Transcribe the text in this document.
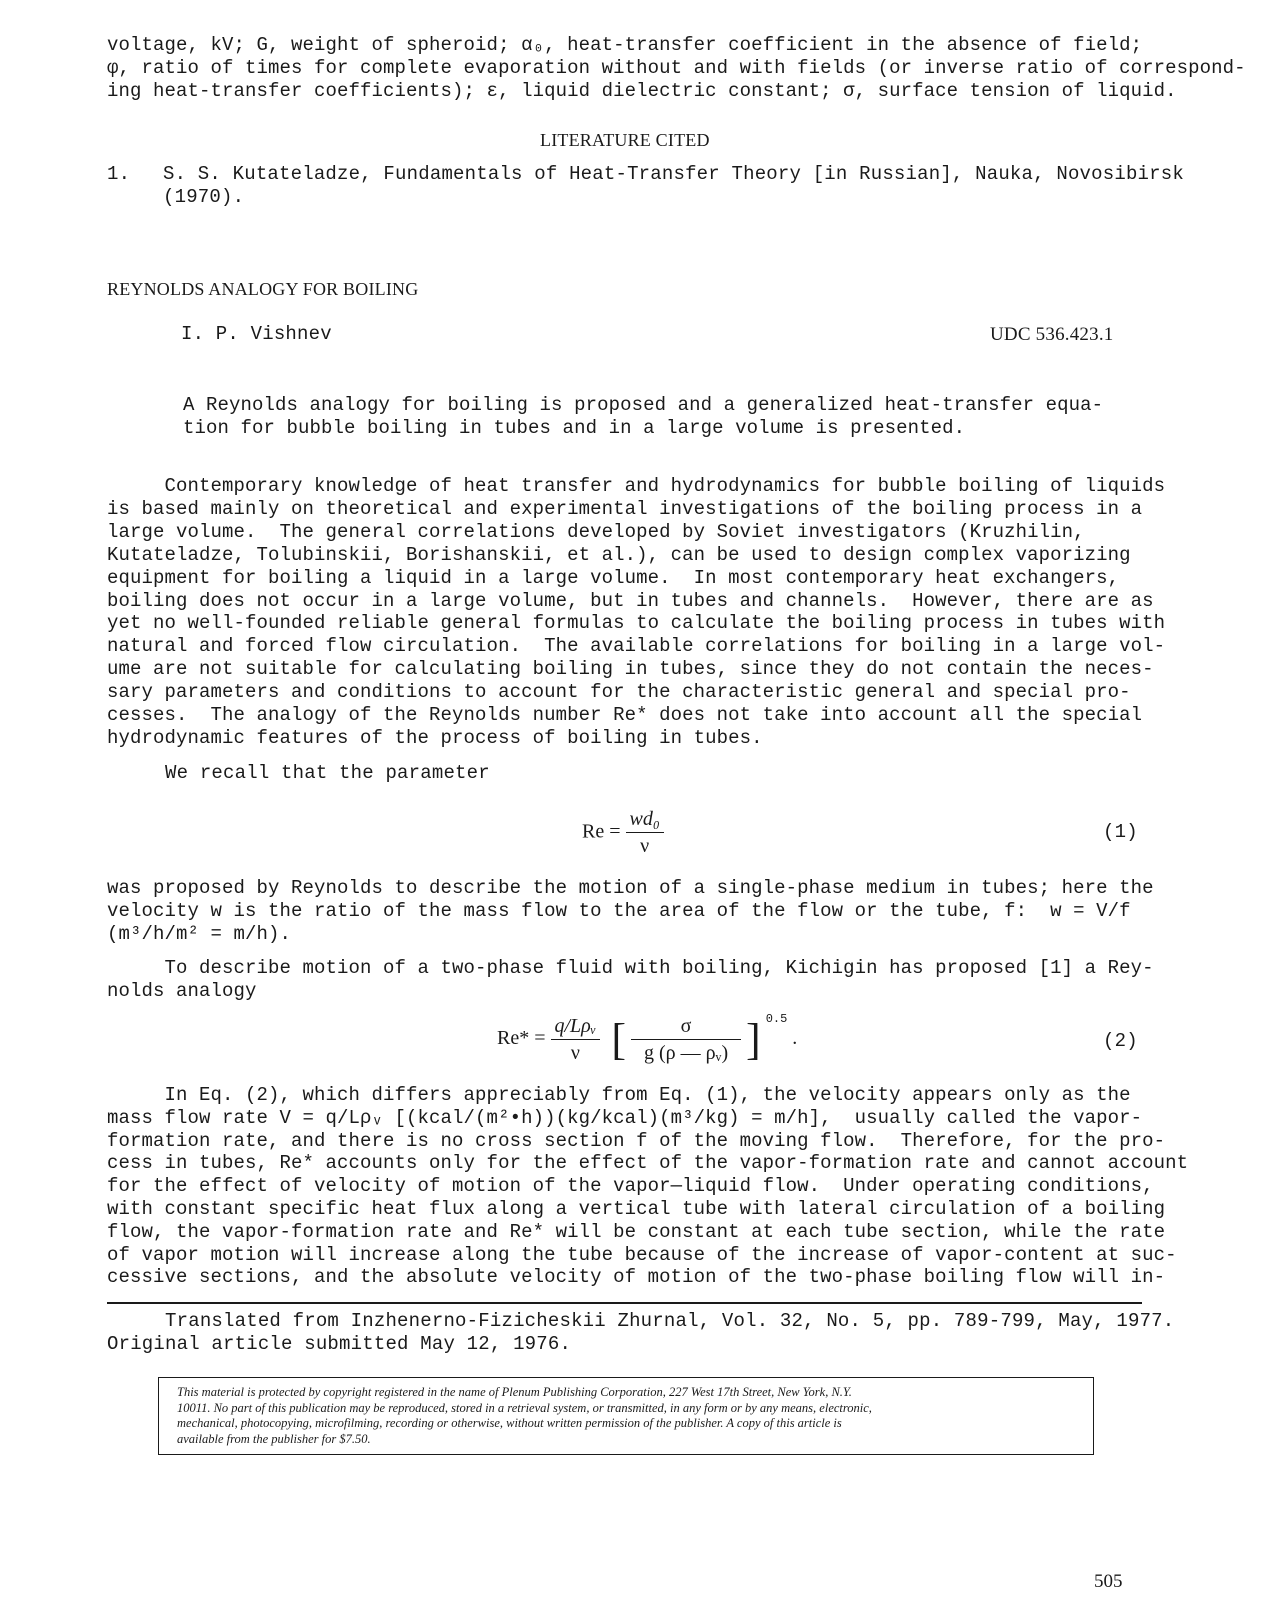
voltage, kV; G, weight of spheroid; α₀, heat-transfer coefficient in the absence of field;
φ, ratio of times for complete evaporation without and with fields (or inverse ratio of correspond-
ing heat-transfer coefficients); ε, liquid dielectric constant; σ, surface tension of liquid.
LITERATURE CITED
1. S. S. Kutateladze, Fundamentals of Heat-Transfer Theory [in Russian], Nauka, Novosibirsk
(1970).
REYNOLDS ANALOGY FOR BOILING
I. P. Vishnev	UDC 536.423.1
A Reynolds analogy for boiling is proposed and a generalized heat-transfer equa-
tion for bubble boiling in tubes and in a large volume is presented.
Contemporary knowledge of heat transfer and hydrodynamics for bubble boiling of liquids
is based mainly on theoretical and experimental investigations of the boiling process in a
large volume.  The general correlations developed by Soviet investigators (Kruzhilin,
Kutateladze, Tolubinskii, Borishanskii, et al.), can be used to design complex vaporizing
equipment for boiling a liquid in a large volume.  In most contemporary heat exchangers,
boiling does not occur in a large volume, but in tubes and channels.  However, there are as
yet no well-founded reliable general formulas to calculate the boiling process in tubes with
natural and forced flow circulation.  The available correlations for boiling in a large vol-
ume are not suitable for calculating boiling in tubes, since they do not contain the neces-
sary parameters and conditions to account for the characteristic general and special pro-
cesses.  The analogy of the Reynolds number Re* does not take into account all the special
hydrodynamic features of the process of boiling in tubes.
We recall that the parameter
$Re = \frac{\text{wd₀}}{\nu}$	(1)
was proposed by Reynolds to describe the motion of a single-phase medium in tubes; here the
velocity w is the ratio of the mass flow to the area of the flow or the tube, f:  w = V/f
(m³/h/m² = m/h).
To describe motion of a two-phase fluid with boiling, Kichigin has proposed [1] a Rey-
nolds analogy
$Re* = \frac{\text{q/Lρᵥ}}{\nu}$ [ $\frac{\sigma}{\text{g (ρ — ρᵥ)}}$ ] $^{0.5}$ .	(2)
In Eq. (2), which differs appreciably from Eq. (1), the velocity appears only as the
mass flow rate V = q/Lρᵥ [(kcal/(m²•h))(kg/kcal)(m³/kg) = m/h],  usually called the vapor-
formation rate, and there is no cross section f of the moving flow.  Therefore, for the pro-
cess in tubes, Re* accounts only for the effect of the vapor-formation rate and cannot account
for the effect of velocity of motion of the vapor—liquid flow.  Under operating conditions,
with constant specific heat flux along a vertical tube with lateral circulation of a boiling
flow, the vapor-formation rate and Re* will be constant at each tube section, while the rate
of vapor motion will increase along the tube because of the increase of vapor-content at suc-
cessive sections, and the absolute velocity of motion of the two-phase boiling flow will in-
Translated from Inzhenerno-Fizicheskii Zhurnal, Vol. 32, No. 5, pp. 789-799, May, 1977.
Original article submitted May 12, 1976.
This material is protected by copyright registered in the name of Plenum Publishing Corporation, 227 West 17th Street, New York, N.Y.
10011. No part of this publication may be reproduced, stored in a retrieval system, or transmitted, in any form or by any means, electronic,
mechanical, photocopying, microfilming, recording or otherwise, without written permission of the publisher. A copy of this article is
available from the publisher for $7.50.
505
